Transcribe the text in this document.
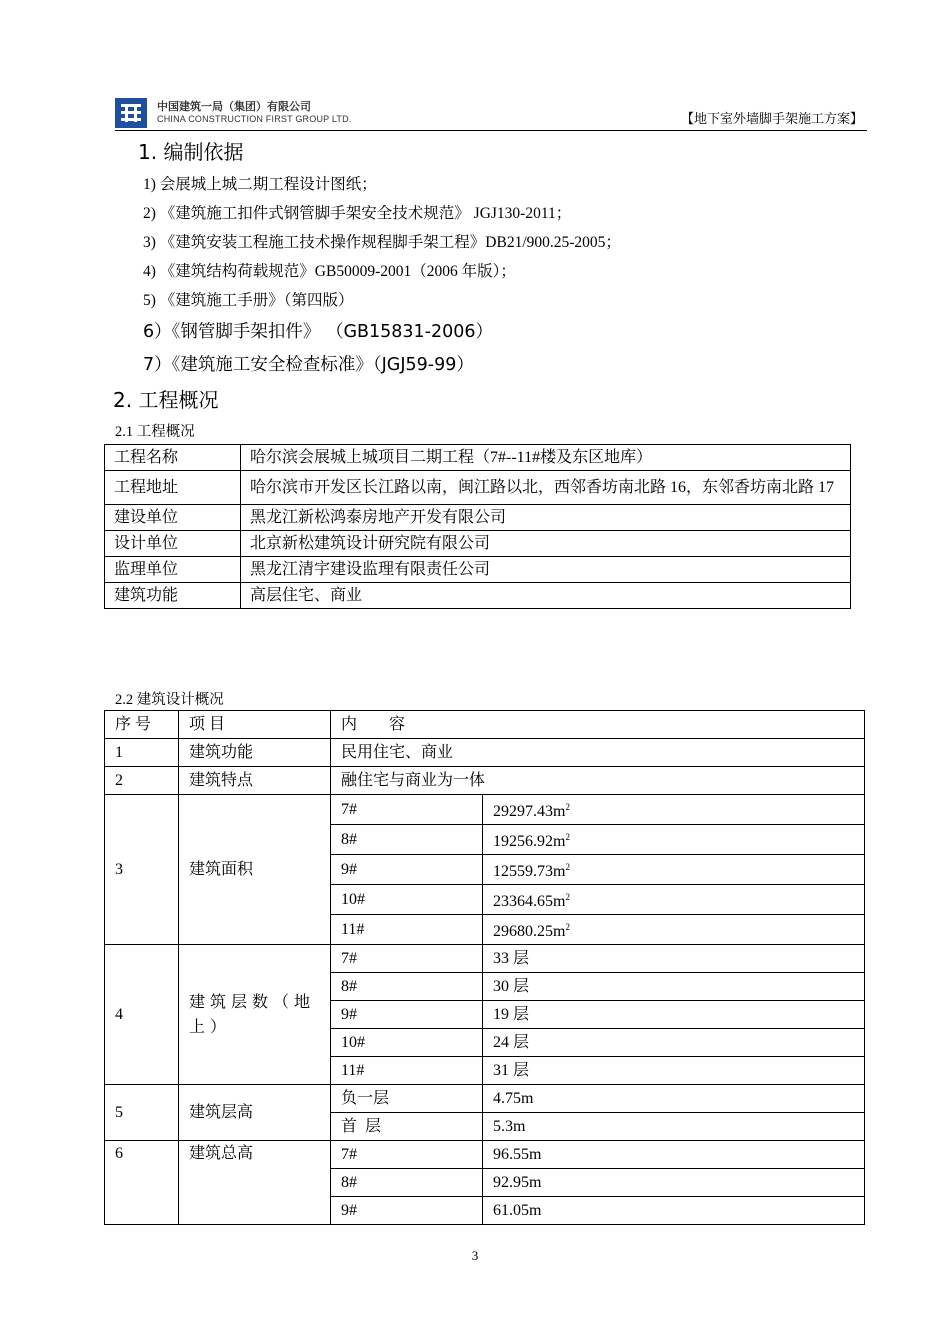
中国建筑一局（集团）有限公司
CHINA CONSTRUCTION FIRST GROUP LTD.	【地下室外墙脚手架施工方案】
1. 编制依据
1) 会展城上城二期工程设计图纸；
2) 《建筑施工扣件式钢管脚手架安全技术规范》 JGJ130-2011；
3) 《建筑安装工程施工技术操作规程脚手架工程》DB21/900.25-2005；
4) 《建筑结构荷载规范》GB50009-2001（2006 年版）；
5) 《建筑施工手册》（第四版）
6）《钢管脚手架扣件》 （GB15831-2006）
7）《建筑施工安全检查标准》（JGJ59-99）
2. 工程概况
2.1 工程概况
工程名称	哈尔滨会展城上城项目二期工程（7#--11#楼及东区地库）
工程地址	哈尔滨市开发区长江路以南，闽江路以北，西邻香坊南北路 16，东邻香坊南北路 17
建设单位	黑龙江新松鸿泰房地产开发有限公司
设计单位	北京新松建筑设计研究院有限公司
监理单位	黑龙江清宇建设监理有限责任公司
建筑功能	高层住宅、商业
2.2 建筑设计概况
序 号	项 目	内        容	
1	建筑功能	民用住宅、商业	
2	建筑特点	融住宅与商业为一体	
3	建筑面积	7#	$29297.43m^2$
		8#	$19256.92m^2$
		9#	$12559.73m^2$
		10#	$23364.65m^2$
		11#	$29680.25m^2$
4	建筑层数（地上）	7#	33 层
		8#	30 层
		9#	19 层
		10#	24 层
		11#	31 层
5	建筑层高	负一层	4.75m
		首  层	5.3m
6	建筑总高	7#	96.55m
		8#	92.95m
		9#	61.05m
3
